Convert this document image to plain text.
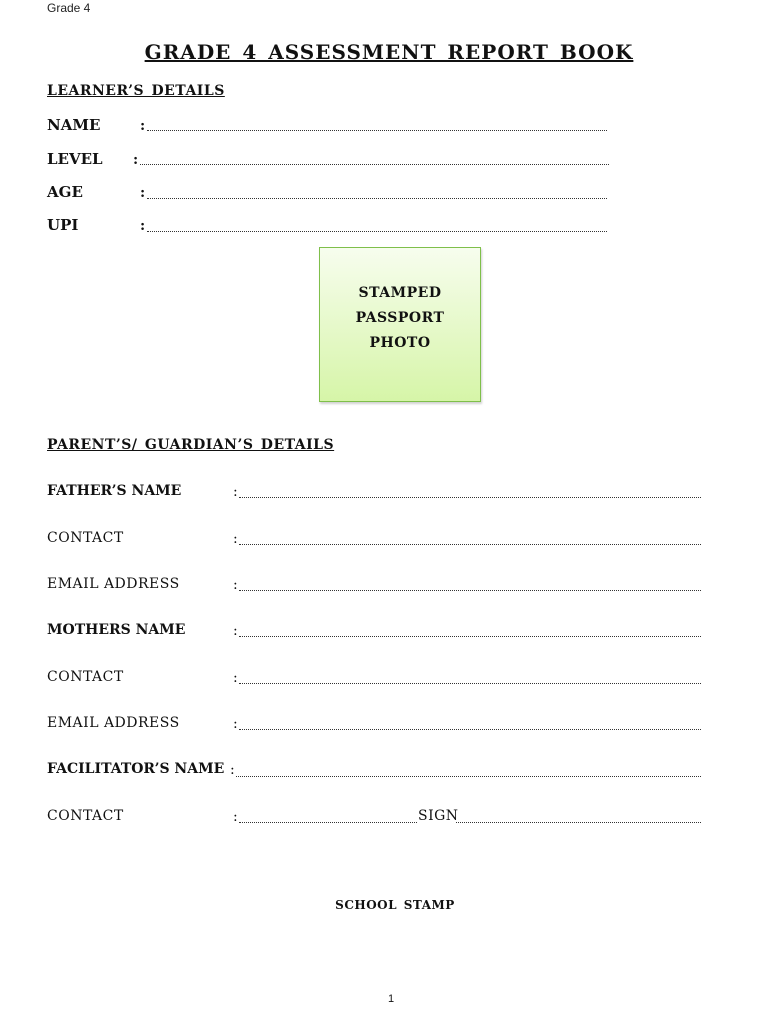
Grade 4
GRADE 4 ASSESSMENT REPORT BOOK
LEARNER’S DETAILS
NAME	:
LEVEL :
AGE	:
UPI	:
STAMPED
PASSPORT
PHOTO
PARENT’S/ GUARDIAN’S DETAILS
FATHER’S NAME	:
CONTACT	:
EMAIL ADDRESS	:
MOTHERS NAME	:
CONTACT	:
EMAIL ADDRESS	:
FACILITATOR’S NAME :
CONTACT	:	SIGN
SCHOOL STAMP
1
